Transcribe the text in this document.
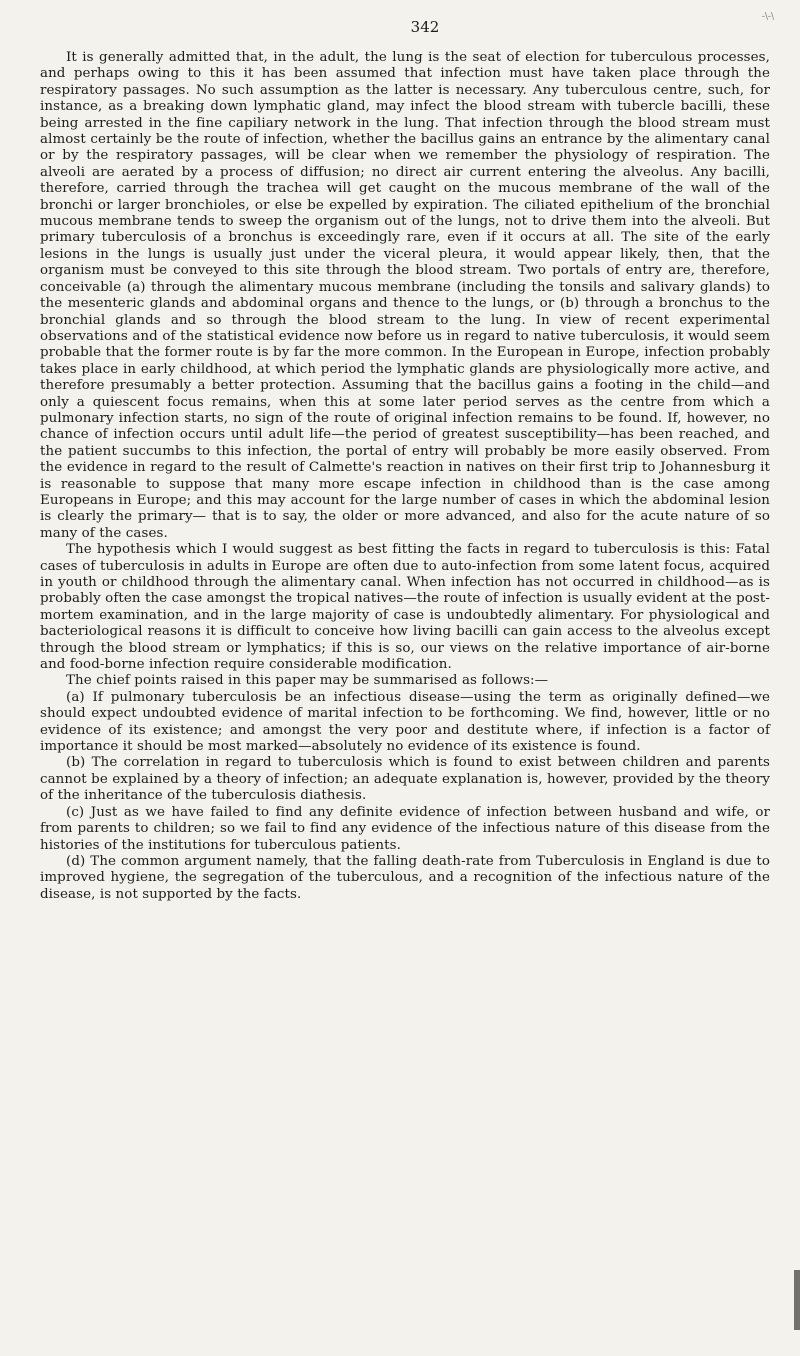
342
-\-\

It is generally admitted that, in the adult, the lung is the seat of election for tuberculous processes, and perhaps owing to this it has been assumed that infection must have taken place through the respiratory passages. No such assumption as the latter is necessary. Any tuberculous centre, such, for instance, as a breaking down lymphatic gland, may infect the blood stream with tubercle bacilli, these being arrested in the fine capiliary network in the lung. That infection through the blood stream must almost certainly be the route of infection, whether the bacillus gains an entrance by the alimentary canal or by the respiratory passages, will be clear when we remember the physiology of respiration. The alveoli are aerated by a process of diffusion; no direct air current entering the alveolus. Any bacilli, therefore, carried through the trachea will get caught on the mucous membrane of the wall of the bronchi or larger bronchioles, or else be expelled by expiration. The ciliated epithelium of the bronchial mucous membrane tends to sweep the organism out of the lungs, not to drive them into the alveoli. But primary tuberculosis of a bronchus is exceedingly rare, even if it occurs at all. The site of the early lesions in the lungs is usually just under the viceral pleura, it would appear likely, then, that the organism must be conveyed to this site through the blood stream. Two portals of entry are, therefore, conceivable (a) through the alimentary mucous membrane (including the tonsils and salivary glands) to the mesenteric glands and abdominal organs and thence to the lungs, or (b) through a bronchus to the bronchial glands and so through the blood stream to the lung. In view of recent experimental observations and of the statistical evidence now before us in regard to native tuberculosis, it would seem probable that the former route is by far the more common. In the European in Europe, infection probably takes place in early childhood, at which period the lymphatic glands are physiologically more active, and therefore presumably a better protection. Assuming that the bacillus gains a footing in the child—and only a quiescent focus remains, when this at some later period serves as the centre from which a pulmonary infection starts, no sign of the route of original infection remains to be found. If, however, no chance of infection occurs until adult life—the period of greatest susceptibility—has been reached, and the patient succumbs to this infection, the portal of entry will probably be more easily observed. From the evidence in regard to the result of Calmette's reaction in natives on their first trip to Johannesburg it is reasonable to suppose that many more escape infection in childhood than is the case among Europeans in Europe; and this may account for the large number of cases in which the abdominal lesion is clearly the primary— that is to say, the older or more advanced, and also for the acute nature of so many of the cases.

The hypothesis which I would suggest as best fitting the facts in regard to tuberculosis is this: Fatal cases of tuberculosis in adults in Europe are often due to auto-infection from some latent focus, acquired in youth or childhood through the alimentary canal. When infection has not occurred in childhood—as is probably often the case amongst the tropical natives—the route of infection is usually evident at the post-mortem examination, and in the large majority of case is undoubtedly alimentary. For physiological and bacteriological reasons it is difficult to conceive how living bacilli can gain access to the alveolus except through the blood stream or lymphatics; if this is so, our views on the relative importance of air-borne and food-borne infection require considerable modification.

The chief points raised in this paper may be summarised as follows:—

(a) If pulmonary tuberculosis be an infectious disease—using the term as originally defined—we should expect undoubted evidence of marital infection to be forthcoming. We find, however, little or no evidence of its existence; and amongst the very poor and destitute where, if infection is a factor of importance it should be most marked—absolutely no evidence of its existence is found.

(b) The correlation in regard to tuberculosis which is found to exist between children and parents cannot be explained by a theory of infection; an adequate explanation is, however, provided by the theory of the inheritance of the tuberculosis diathesis.

(c) Just as we have failed to find any definite evidence of infection between husband and wife, or from parents to children; so we fail to find any evidence of the infectious nature of this disease from the histories of the institutions for tuberculous patients.

(d) The common argument namely, that the falling death-rate from Tuberculosis in England is due to improved hygiene, the segregation of the tuberculous, and a recognition of the infectious nature of the disease, is not supported by the facts.
